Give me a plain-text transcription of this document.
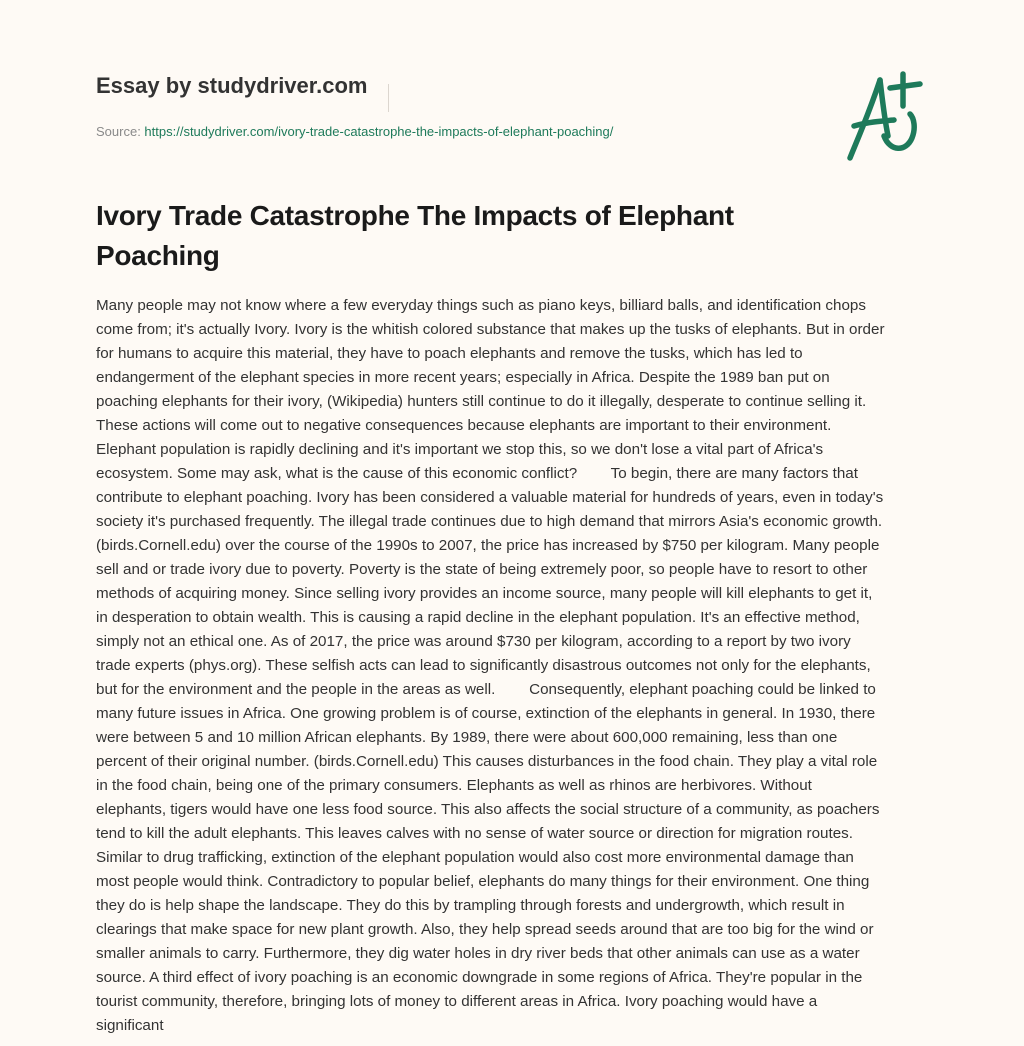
Essay by studydriver.com
Source: https://studydriver.com/ivory-trade-catastrophe-the-impacts-of-elephant-poaching/
Ivory Trade Catastrophe The Impacts of Elephant Poaching
Many people may not know where a few everyday things such as piano keys, billiard balls, and identification chops
come from; it's actually Ivory. Ivory is the whitish colored substance that makes up the tusks of elephants. But in order
for humans to acquire this material, they have to poach elephants and remove the tusks, which has led to
endangerment of the elephant species in more recent years; especially in Africa. Despite the 1989 ban put on
poaching elephants for their ivory, (Wikipedia) hunters still continue to do it illegally, desperate to continue selling it.
These actions will come out to negative consequences because elephants are important to their environment.
Elephant population is rapidly declining and it's important we stop this, so we don't lose a vital part of Africa's
ecosystem. Some may ask, what is the cause of this economic conflict?        To begin, there are many factors that
contribute to elephant poaching. Ivory has been considered a valuable material for hundreds of years, even in today's
society it's purchased frequently. The illegal trade continues due to high demand that mirrors Asia's economic growth.
(birds.Cornell.edu) over the course of the 1990s to 2007, the price has increased by $750 per kilogram. Many people
sell and or trade ivory due to poverty. Poverty is the state of being extremely poor, so people have to resort to other
methods of acquiring money. Since selling ivory provides an income source, many people will kill elephants to get it,
in desperation to obtain wealth. This is causing a rapid decline in the elephant population. It's an effective method,
simply not an ethical one. As of 2017, the price was around $730 per kilogram, according to a report by two ivory
trade experts (phys.org). These selfish acts can lead to significantly disastrous outcomes not only for the elephants,
but for the environment and the people in the areas as well.        Consequently, elephant poaching could be linked to
many future issues in Africa. One growing problem is of course, extinction of the elephants in general. In 1930, there
were between 5 and 10 million African elephants. By 1989, there were about 600,000 remaining, less than one
percent of their original number. (birds.Cornell.edu) This causes disturbances in the food chain. They play a vital role
in the food chain, being one of the primary consumers. Elephants as well as rhinos are herbivores. Without
elephants, tigers would have one less food source. This also affects the social structure of a community, as poachers
tend to kill the adult elephants. This leaves calves with no sense of water source or direction for migration routes.
Similar to drug trafficking, extinction of the elephant population would also cost more environmental damage than
most people would think. Contradictory to popular belief, elephants do many things for their environment. One thing
they do is help shape the landscape. They do this by trampling through forests and undergrowth, which result in
clearings that make space for new plant growth. Also, they help spread seeds around that are too big for the wind or
smaller animals to carry. Furthermore, they dig water holes in dry river beds that other animals can use as a water
source. A third effect of ivory poaching is an economic downgrade in some regions of Africa. They're popular in the
tourist community, therefore, bringing lots of money to different areas in Africa. Ivory poaching would have a
significant
